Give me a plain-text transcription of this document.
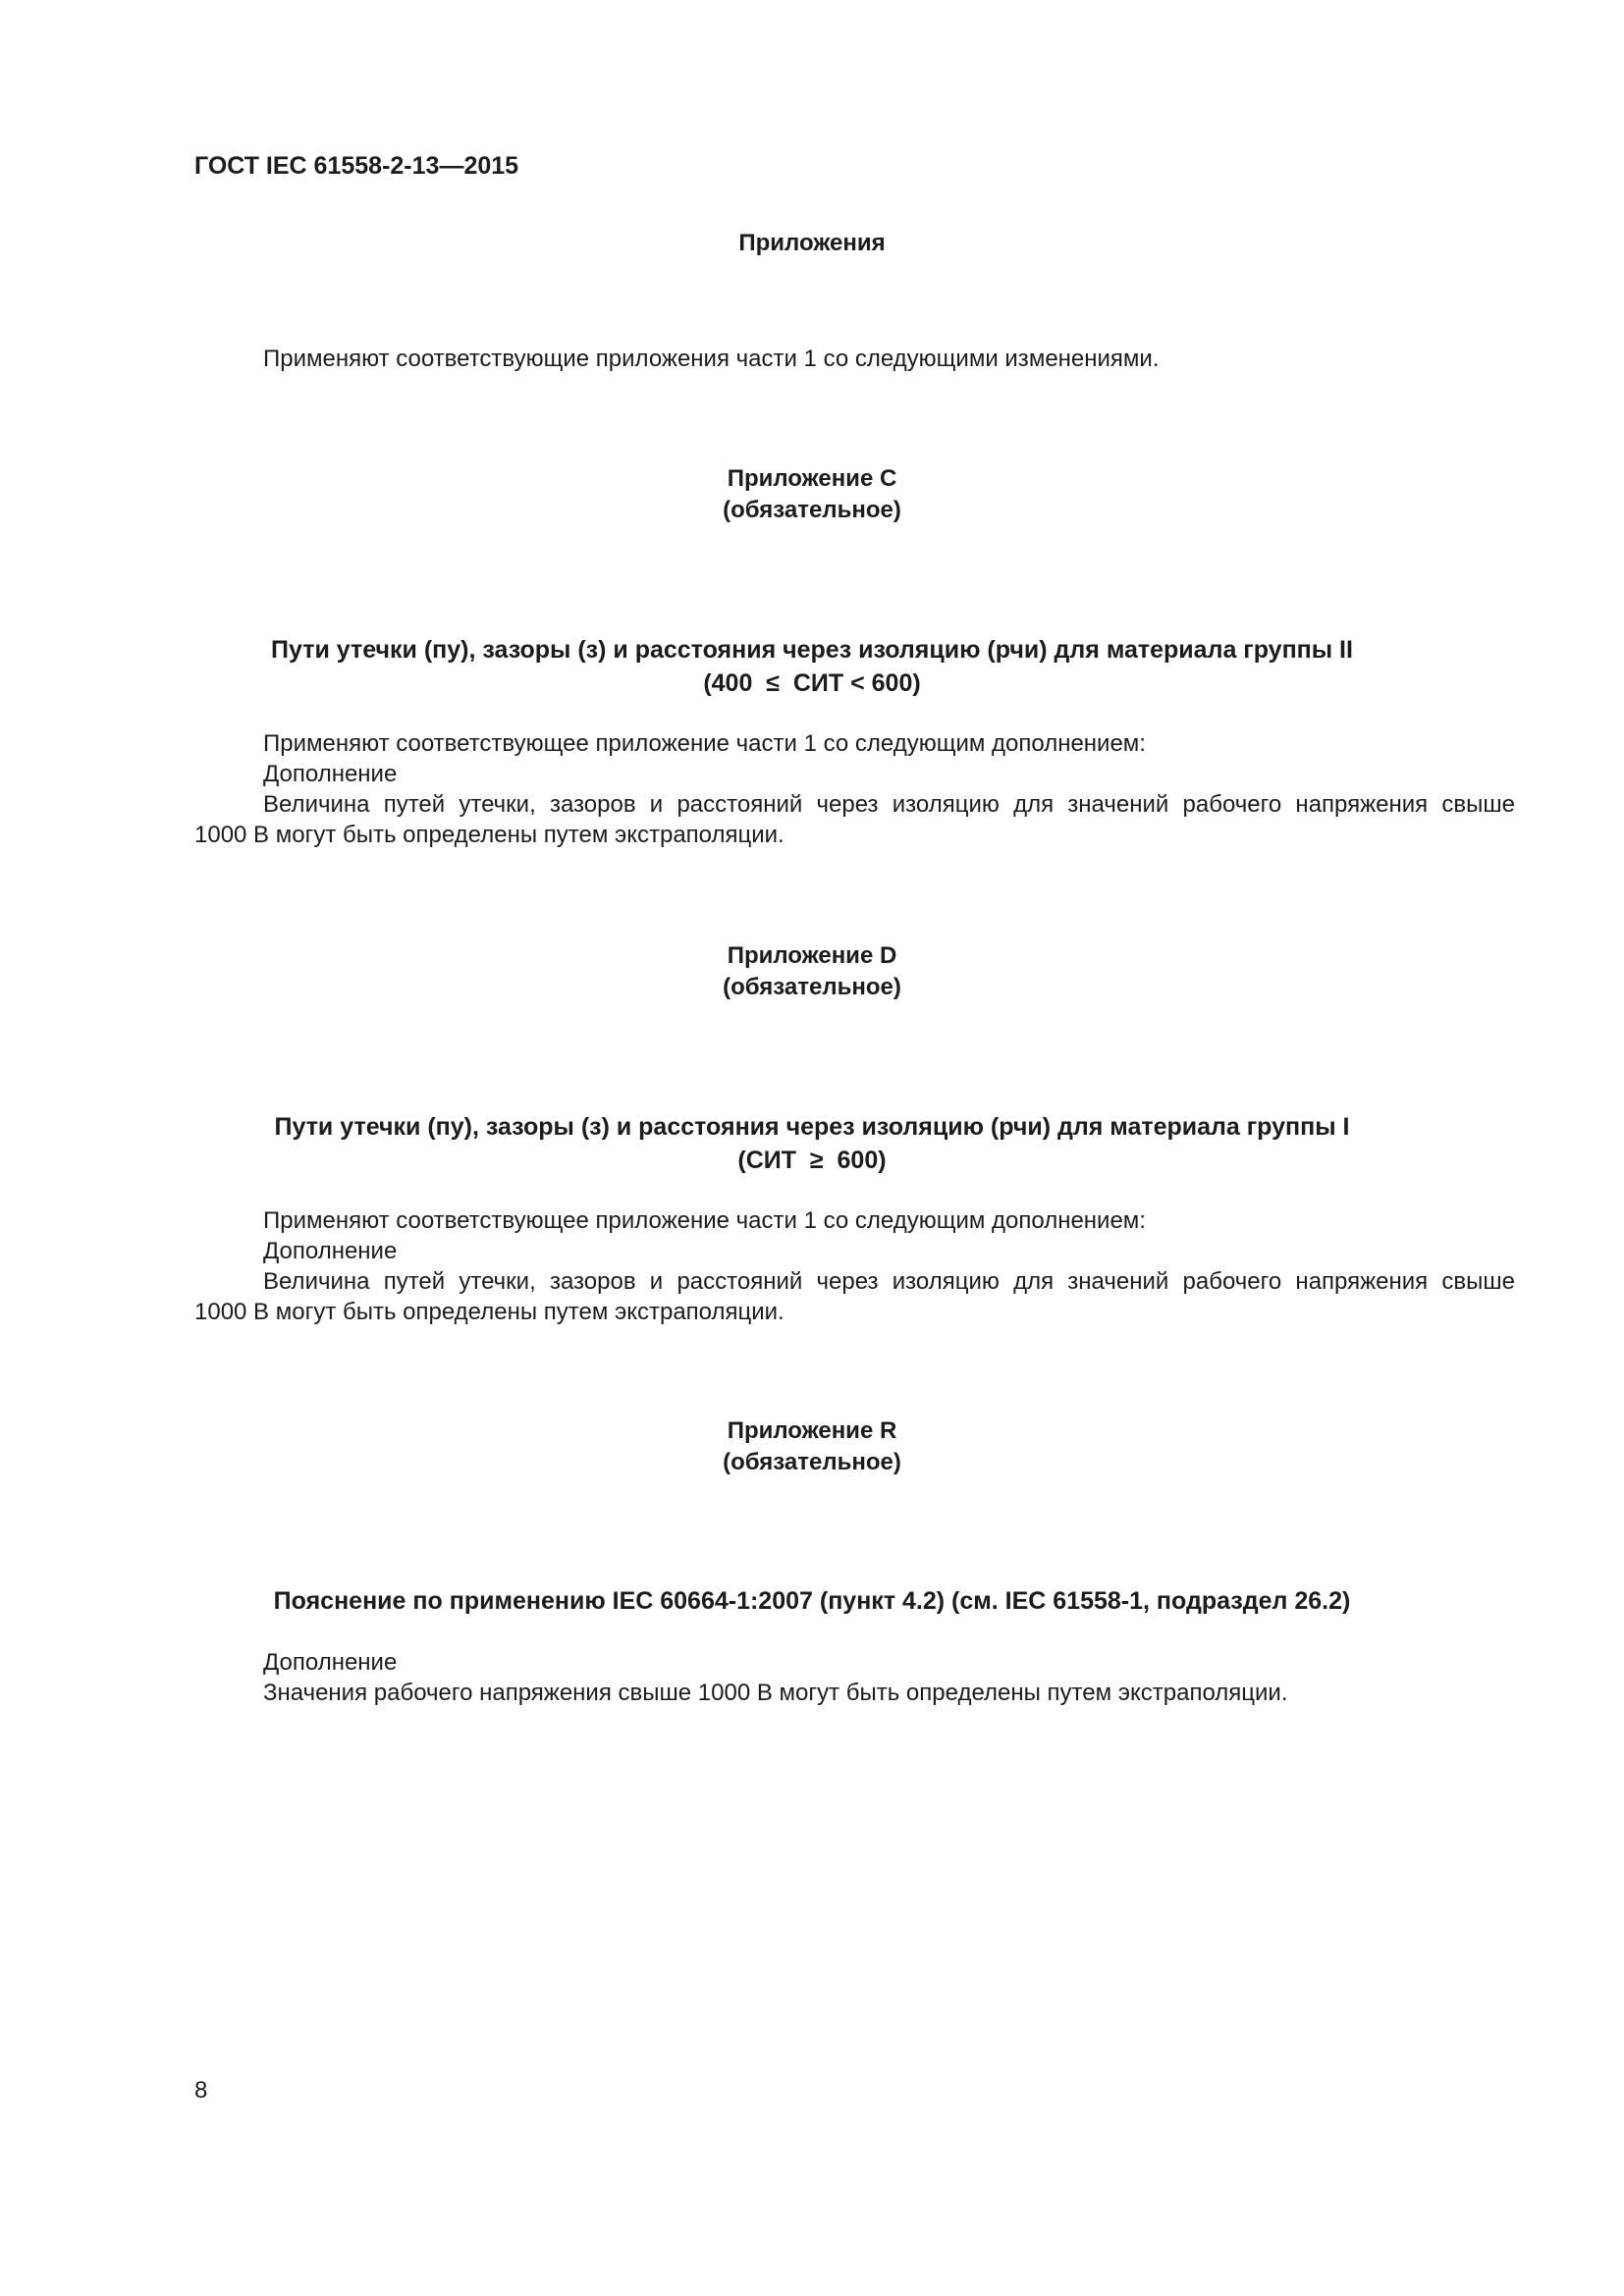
ГОСТ IEC 61558-2-13—2015
Приложения
Применяют соответствующие приложения части 1 со следующими изменениями.
Приложение С
(обязательное)
Пути утечки (пу), зазоры (з) и расстояния через изоляцию (рчи) для материала группы II
(400  ≤  СИТ < 600)
Применяют соответствующее приложение части 1 со следующим дополнением:
Дополнение
Величина путей утечки, зазоров и расстояний через изоляцию для значений рабочего напряжения свыше
1000 В могут быть определены путем экстраполяции.
Приложение D
(обязательное)
Пути утечки (пу), зазоры (з) и расстояния через изоляцию (рчи) для материала группы I
(СИТ  ≥  600)
Применяют соответствующее приложение части 1 со следующим дополнением:
Дополнение
Величина путей утечки, зазоров и расстояний через изоляцию для значений рабочего напряжения свыше
1000 В могут быть определены путем экстраполяции.
Приложение R
(обязательное)
Пояснение по применению IEC 60664-1:2007 (пункт 4.2) (см. IEC 61558-1, подраздел 26.2)
Дополнение
Значения рабочего напряжения свыше 1000 В могут быть определены путем экстраполяции.
8
